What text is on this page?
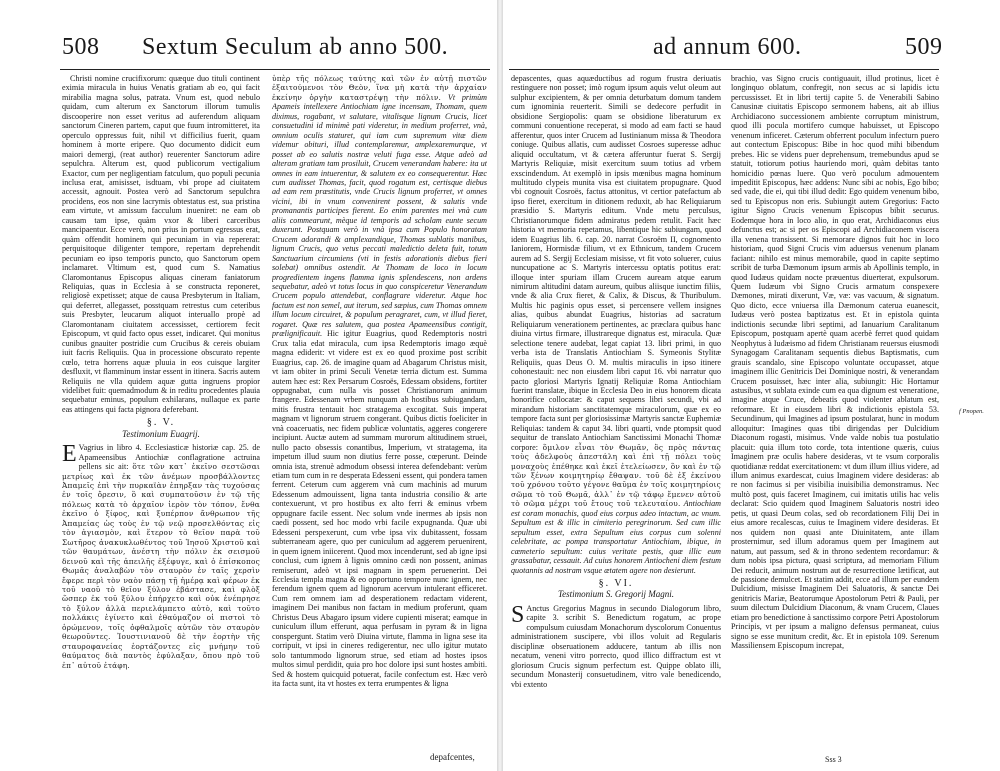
508 Sextum Seculum ab anno 500.

Christi nomine crucifixorum: quæque duo tituli continent eximia miracula in huius Venatis gratiam ab eo, qui facit mirabilia magna solus, patrata. Vnum est, quod nebulo quidam, cum alterum ex Sanctorum illorum tumulis discooperire non esset veritus ad auferendum aliquam sanctorum Cineren partem, caput que fuum intromitteret, ita operculo oppressus fuit, nihil vt difficilius fuerit, quam hominem à morte eripere. Quo documento didicit eum maiori demergi, (reat author) reuerenter Sanctorum adire sepulchra. Alterum est, quod publicorum vectigalium Exactor, cum per negligentiam fatculum, quo populi pecunia inclusa erat, amisisset, isdtuam, vbi prope ad ciuitatem accessit, agnouit. Postea verò ad Sanctorum sepulchra procidens, eos non sine lacrymis obtestatus est, sua pristina eam virtute, vt amissum facculum inueniret: ne eam ob causam tam ipse, quàm vxor & liberi carceribus mancipaentur. Ecce verò, non prius in portum egressus erat, quàm offendit hominem qui pecuniam in via repererat: perquisitoque diligenter tempore, repertam deprehendit pecuniam eo ipso temporis puncto, quo Sanctorum opem inclamaret. Vltimum est, quod cum S. Namatius Claromontanus Episcopus aliquas cineram faniatorum Reliquias, quas in Ecclesia à se constructa reponeret, religiosè expetisset; atque de causa Presbyterum in Italiam, qui deferret, allegasset, posstquam retrestus cum ceteribus suis Presbyter, leucarum aliquot interuallo propè ad Claromontanam ciuitatem accessisset, certiorem fecit Episcopum, vt quid facto opus esset, indicaret. Qui monitus cunibus gnauiter postridie cum Crucibus & cereis obuiam iuit facris Reliquiis. Qua in processione obscurato repente cœlo, tetra horrens aquæ pluuia in eos cuisque largiter desfluxit, vt flamminum instar essent in itinera. Sacris autem Reliquiis ne vlla quidem aquæ gutta ingruens propior videlibet fuit: quemadmodum & in reditu procedentes plauia sequebatur eminus, populum exhilarans, nullaque ex parte eas attingens qui facta pignora deferebant.

§. V.
Testimonium Euagrij.
E Vagrius in libro 4. Ecclesiasticæ historiæ cap. 25. de Apameensibus Antiochiæ conflagratione actruina pellens sic ait: ὅτε τῶν κατ᾽ ἐκεῖνο σεστῶσαι μετρίως καὶ ἐκ τῶν ἀνέμων προσβάλλοντες Ἀπαμεῖς ἐπὶ τὴν πυρκαϊὰν ἐπηρξαν τὰς τυχούσας ἐν τοῖς ὄρεσιν, ὃ καὶ συμπατοῦσιν ἐν τῷ τῆς πόλεως κατὰ τὸ ἀρχαῖον ἱερὸν τὸν τόπον, ἔνθα ἐκεῖνο ὁ ξίφος, καὶ ξυπέρπον ἄνθρωπον τῆς Ἀπαμείας ὡς τοὺς ἐν τῷ νεῷ προσελθόντας εἰς τὸν ἁγιασμὸν, καὶ ἕτερον τὸ θεῖον παρὰ τοῦ Σωτῆρος ἀνακυκλωθέντος τοῦ Ἰησοῦ Χριστοῦ καὶ τῶν θαυμάτων, ἀνέστη τὴν πόλιν ἐκ σεισμοῦ δεινοῦ καὶ τῆς ἀπειλῆς ἐξέφυγε, καὶ ὁ ἐπίσκοπος Θωμᾶς ἀναλαβὼν τὸν σταυρὸν ἐν ταῖς χερσὶν ἔφερε περὶ τὸν ναὸν πάσῃ τῇ ἡμέρᾳ καὶ φέρων ἐκ τοῦ ναοῦ τὸ θεῖον ξύλον ἐβάστασε, καὶ φλὸξ ὥσπερ ἐκ τοῦ ξύλου ἐπήρχετο καὶ οὐκ ἐνέπρησε τὸ ξύλον ἀλλὰ περιελάμπετο αὐτὸ, καὶ τοῦτο πολλάκις ἐγίνετο καὶ ἐθαύμαζον οἱ πιστοὶ τὸ ὁρώμενον, τοῖς ὀφθαλμοῖς αὐτῶν τὸν σταυρὸν θεωροῦντες. Ἰουστινιανοῦ δὲ τὴν ἑορτὴν τῆς σταυροφανείας ἑορτάζοντες εἰς μνήμην τοῦ θαύματος διὰ παντὸς ἐφύλαξαν, ὅπου πρὸ τοῦ ἐπ᾽ αὐτοῦ ἐτάφη.
ὑπὲρ τῆς πόλεως ταύτης καὶ τῶν ἐν αὐτῇ πιστῶν ἐξαιτούμενοι τὸν Θεὸν, ἵνα μὴ κατὰ τὴν ἀρχαίαν ἐκείνην ὀργὴν καταστρέψῃ τὴν πόλιν. Vt primùm Apameis intellexere Antiochiam igne incensam, Thomam, quem diximus, rogabant, vt salutare, vitalisque lignum Crucis, licet consuetudini id minimè pati videretur, in medium proferret, vnà, omnium oculis staturet, qui iam cum supremum vitæ diem videmur obituri, illud contemplaremur, amplexaremurque, vt posset ab eo salutis nostræ veluti fuga esse. Atque adeò ad alteram gratiam tam prosiluit, Crucem venerandam habere: ita ut omnes in eam intuerentur, & salutem ex eo consequerentur. Hæc cum audisset Thomas, facit, quod rogatum est, certisque diebus ad eam rem præstitutis, vnde Crucis lignum proferret, vt omnes vicini, ibi in vnum convenirent possent, & salutis vnde promanantis participes fierent. Eo enim parentes mei vnà cum aliis commearunt, mèque id temporis ad scholam eunte secum duxerunt. Postquam verò in vnà ipsa cum Populo honoratam Crucem adorandi & amplexandique, Thomas sublatis manibus, lignum Crucis, quo vetus peccati maledictio deleta fuit, totum Sanctuarium circumiens (vti in festis adorationis diebus fieri solebat) omnibus ostendit. At Thomam de loco in locum progredientem ingens flamma ignis splendescens, non ardens sequebatur, adeò vt totus locus in quo conspiceretur Venerandum Crucem populo attendebat, conflagrare videretur. Atque hoc factum est non semel, aut iterum, sed sæpius, cum Thomas omnem illum locum circuiret, & populum peragraret, cum, vt illud fieret, rogaret. Quæ res salutem, qua postea Apameensibus contigit, prælignificauit. Hic igitur Euagrius, quod Redemptoris nostri Crux talia edat miracula, cum ipsa Redemptoris imago æquè magna ediderit: vt videre est ex eo quod proxime post scribit Euagrius, cap. 26. de imagine quam ad Abagarum Christus misit, vt iam obiter in primi Seculi Venetæ terria dictum est. Summa autem hæc est: Rex Persarum Cosroës, Edessam obsidens, fortiter oppugnabat, cum nulla vis posset Christianorum animum frangere. Edessenam vrbem nunquam ab hostibus subiugandam, mitis frustra tentauit hoc stratagema excogitat. Suis imperat magnam vt lignorum struem congerant. Quibus dictis foeliciter in vnà coaceruatis, nec fidem publicæ voluntatis, aggeres congerere incipiunt. Auctæ autem ad summam murorum altitudinem struei, nullo pacto obsessis conantibus, Imperium, vt stratagema, ita impetum illud suum non diutius ferre posse, cœperunt. Deinde omnia ista, strenuè admodum obsessi interea defendebant: verùm etiam tum cum in re desperata Edesseni essent, qui pondera tamen ferrent. Ceterum cum aggerem vnà cum machinis ad murum Edessenum admouissent, ligna tanta industria consilio & arte contexuerunt, vt pro hostibus ex alto ferri & eminus vrbem oppugnare facile essent. Nec solum vnde inermes ab ipsis non caedi possent, sed hoc modo vrbi facile expugnanda. Quæ ubi Edesseni perspexerunt, cum vrbe ipsa vix dubitassent, fossam subterraneam agere, quo per cuniculum ad aggerem peruenirent, in quem ignem iniicerent. Quod mox incenderunt, sed ab igne ipsi conclusi, cum ignem à lignis omnino cædi non possent, animas remiserunt, adeò vt ipsi magnam in spem peruenerint. Dei Ecclesia templa magna & eo opportuno tempore nunc ignem, nec ferendum ignem quem ad lignorum acervum intulerant efficeret. Cum rem omnem iam ad desperationem redactam viderent, imaginem Dei manibus non factam in medium proferunt, quam Christus Deus Abagaro ipsum videre cupienti miserat; eamque in cuniculum illum efferunt, aqua perfusam in pyram & in ligna conspergunt. Statim verò Diuina virtute, flamma in ligna sese ita corripuit, vt ipsi in cineres redigerentur, nec ullo igitur mutato solo tantummodo lignorum strue, sed etiam ad hostes ipsos multos simul perdidit, quia pro hoc dolore ipsi sunt hostes ambiti. Sed & hostem quicquid potuerat, facile confectum est. Hæc verò ita facta sunt, ita vt hostes ex terra erumpentes & ligna
depafcentes,
ad annum 600.	509
depascentes, quas aquæductibus ad rogum frustra deriuatis restinguere non posset; imò rogum ipsum aquis velut oleum aut sulphur excipientem, & per omnia deturbatum domum tandem cum ignominia reuerterit. Simili se dedecore perfudit in obsidione Sergiopolis: quam se obsidione liberaturum ex communi conuentione receperat, si modo ad eam facti se haud afferentur, quos inter Crucem ad Iustinianum missa & Theodora coniuge. Quibus allatis, cum audisset Cosroes superesse adhuc aliquid occultatum, vt & cætera afferuntur fuerat S. Sergij Martyris Reliquiæ, misit exercitum suum totius ad vrbem exscindendum. At exemplò in ipsis mœnibus magna hominum multitudo clypeis munita visa est ciuitatem propugnare. Quod vbi cognouit Cosroës, factus attonitus, vt certior patefactum ab ipso fieret, exercitum in ditionem reduxit, ab hac Reliquiarum præsidio S. Martyris editum. Vnde metu perculsus, Christianorumque fidem admiratus pedem retulit. Facit hæc historia vt memoria repetamus, libentique hic subiungam, quod idem Euagrius lib. 6. cap. 20. narrat Cosroëm II, cognomento Ianiorem, Hormisdæ filium, vt ex Ethnicum, tandem Crucem aurem ad S. Sergij Ecclesiam misisse, vt fit voto soluerer, cuius nuncupatione ac S. Martyris intercessu optatis potitus erat: illoque inter spuriam illam Crucem auream atque earum nimirum altitudini datam aureum, quibus aliisque iunctim filiis, vnde & alia Crux fieret, & Calix, & Discus, & Thuribulum. Multis hic paginis opus esset, si percensere vellem insignes alias, quibus abundat Euagrius, historias ad sacratum Reliquiarum venerationem pertinentes, ac præclara quibus hanc diuina virtus firmare, illustrareque dignatus est, miracula. Quæ selectione tenere audebat, legat capiat 13. libri primi, in quo verba ista de Translatis Antiochiam S. Symeonis Stylitæ Reliquiis, quas Deus O. M. multis miraculis in ipso itinere cohonestauit: nec non eiusdem libri caput 16. vbi narratur quo pacto gloriosi Martyris Ignatij Reliquiæ Roma Antiochiam fuerint translatæ, ibique in Ecclesia Deo in eius honorem dicata honorifice collocatæ: & caput sequens libri secundi, vbi ad mirandum historiam sanctitatemque miraculorum, quæ ex eo tempore facta sunt per gloriosissimæ Martyris sanctæ Euphemiæ Reliquias: tandem & caput 34. libri quarti, vnde ptompsit quod sequitur de translato Antiochiam Sanctissimi Monachi Thomæ corpore: ὅμιλον εἶναι τὸν Θωμᾶν, ὃς πρὸς πάντας τοὺς ἀδελφοὺς ἀπεστάλη καὶ ἐπὶ τῇ πόλει τοὺς μοναχοὺς ἐπέθηκε καὶ ἐκεῖ ἐτελείωσεν, ὃν καὶ ἐν τῷ τῶν ξένων κοιμητηρίῳ ἔθαψαν. τοῦ δὲ ἐξ ἐκείνου τοῦ χρόνου τοῦτο γέγονε θαῦμα ἐν τοῖς κοιμητηρίοις σῶμα τὸ τοῦ Θωμᾶ, ἀλλ᾽ ἐν τῷ τάφῳ ἔμενεν αὐτοῦ τὸ σῶμα μέχρι τοῦ ἔτους τοῦ τελευταίου. Antiochiam est coram monachis, quod eius corpus adeo intactum, ac vnum. Sepultum est & illic in cimiterio peregrinorum. Sed cum illic sepultum esset, extra Sepultum eius corpus cum solenni celebritate, ac pompa transportatur Antiochiam, ibique, in cæmeterio sepultum: cuius veritate pestis, quæ illic eum grassabatur, cessauit. Ad cuius honorem Antiocheni diem festum quotannis ad nostram vsque ætatem agere non desierunt.
§. VI.
Testimonium S. Gregorij Magni.
S Anctus Gregorius Magnus in secundo Dialogorum libro, capite 3. scribit S. Benedictum rogatum, ac prope compulsum cuiusdam Monachorum dyscolorum Conuentus administrationem suscipere, vbi illos voluit ad Regularis disciplinæ obseruationem adducere, tantum ab illis non necatum, veneni vitro porrecto, quod illico diffractum est vt gloriosum Crucis signum perfectum est. Quippe oblato illi, secundum Monasterij consuetudinem, vitro vale benedicendo, vbi extento
brachio, vas Signo crucis contiguauit, illud protinus, licet è longinquo oblatum, confregit, non secus ac si lapidis ictu percussisset. Et in libri tertij capite 5. de Venerabili Sabino Canusinæ ciuitatis Episcopo sermonem habens, ait ab illius Archidiacono successionem ambiente corruptum ministrum, quod illi pocula mortifero cumque habuisset, ut Episcopo venenum inficeret. Cæterum obferrent poculum infecturn puero aut contectum Episcopus: Bibe in hoc quod mihi bibendum prebes. Hic se videns puer deprehensum, tremebundus apud se statuit, totiorum potius hauriendo mori, quàm debitas tanto homicidio pœnas luere. Quo verò poculum admouentem impeditit Episcopus, hæc addens: Nunc sibi ac nobis, Ego bibo; sed vade, die ei, qui tibi illud dedit: Ego quidem venenum bibo, sed tu Episcopus non eris. Subiungit autem Gregorius: Facto igitur Signo Crucis venenum Episcopus bibit securus. Eodemque hora in loco alio, in quo erat, Archidiaconus eius defunctus est; ac si per os Episcopi ad Archidiaconem viscera illa venena transissent. Si memorare dignos fuit hoc in loco historiam, quod Signi Crucis vim aduersus venenum planam faciant: nihilo est minus memorabile, quod in capite septimo scribit de turba Dæmonum ipsum armis ab Apollinis templo, in quod Iudæus quidam nocte præuentus diuerterat, expulsorum. Quem Iudæum vbi Signo Crucis armatum conspexere Dæmones, mirati dixerunt, Væ, væ: vas vacuum, & signatum. Quo dicto, ecce vniuersa illa Dæmonum caterua euanescit, Iudæus verò postea baptizatus est. Et in epistola quinta indictionis secundæ libri septimi, ad Ianuarium Caralitanum Episcopum, postquam apertè quam acerbè ferret quod quidam Neophytus à Iudæismo ad fidem Christianam reuersus eiusmodi Synagogam Caralitanam sequentis diebus Baptismatis, cum grauis scandalo, sine Episcopo voluntate occupasset, atque imaginem illic Genitricis Dei Dominique nostri, & venerandam Crucem posuisset, hæc inter alia, subiungit: Hic Hortamur astusibus, vt sublata exinde cum ea qua dignum est veneratione, imagine atque Cruce, debeatis quod violenter ablatum est, reformare. Et in eiusdem libri & indictionis epistola 53. Secundinum, qui Imagines ad ipsum postularat, hunc in modum alloquitur: Imagines quas tibi dirigendas per Dulcidium Diaconum rogasti, misimus. Vnde valde nobis tua postulatio placuit: quia illum toto corde, tota intentione quæris, cuius Imaginem præ oculis habere desideras, vt te vsum corporalis quotidianæ reddat exercitationem: vt dum illum illius videre, ad illum animus exardescat, cuius Imaginem videre desideras: ab re non facimus si per visibilia inuisibilia demonstramus. Nec multò post, quis faceret Imaginem, cui imitatis utilis hac velis declarat: Scio quidem quod Imaginem Saluatoris nostri ideo petis, ut quasi Deum colas, sed ob recordationem Filij Dei in eius amore recalescas, cuius te Imaginem videre desideras. Et nos quidem non quasi ante Diuinitatem, ante illam prosternimur, sed illum adoramus quem per Imaginem aut natum, aut passum, sed & in throno sedentem recordamur: & dum nobis ipsa pictura, quasi scriptura, ad memoriam Filium Dei reducit, animum nostrum aut de resurrectione lætificat, aut de passione demulcet. Et statim addit, ecce ad illum per eundem Dulcidium, misisse Imaginem Dei Saluatoris, & sanctæ Dei genitricis Mariæ, Beatorumque Apostolorum Petri & Pauli, per suum dilectum Dulcidium Diaconum, & vnam Crucem, Claues etiam pro benedictione à sanctissimo corpore Petri Apostolorum Principis, vt per ipsum a maligno defensus permaneat, cuius signo se esse munitum credit, &c. Et in epistola 109. Serenum Massiliensem Episcopum increpat,
f Pnopen.
Sss 3
